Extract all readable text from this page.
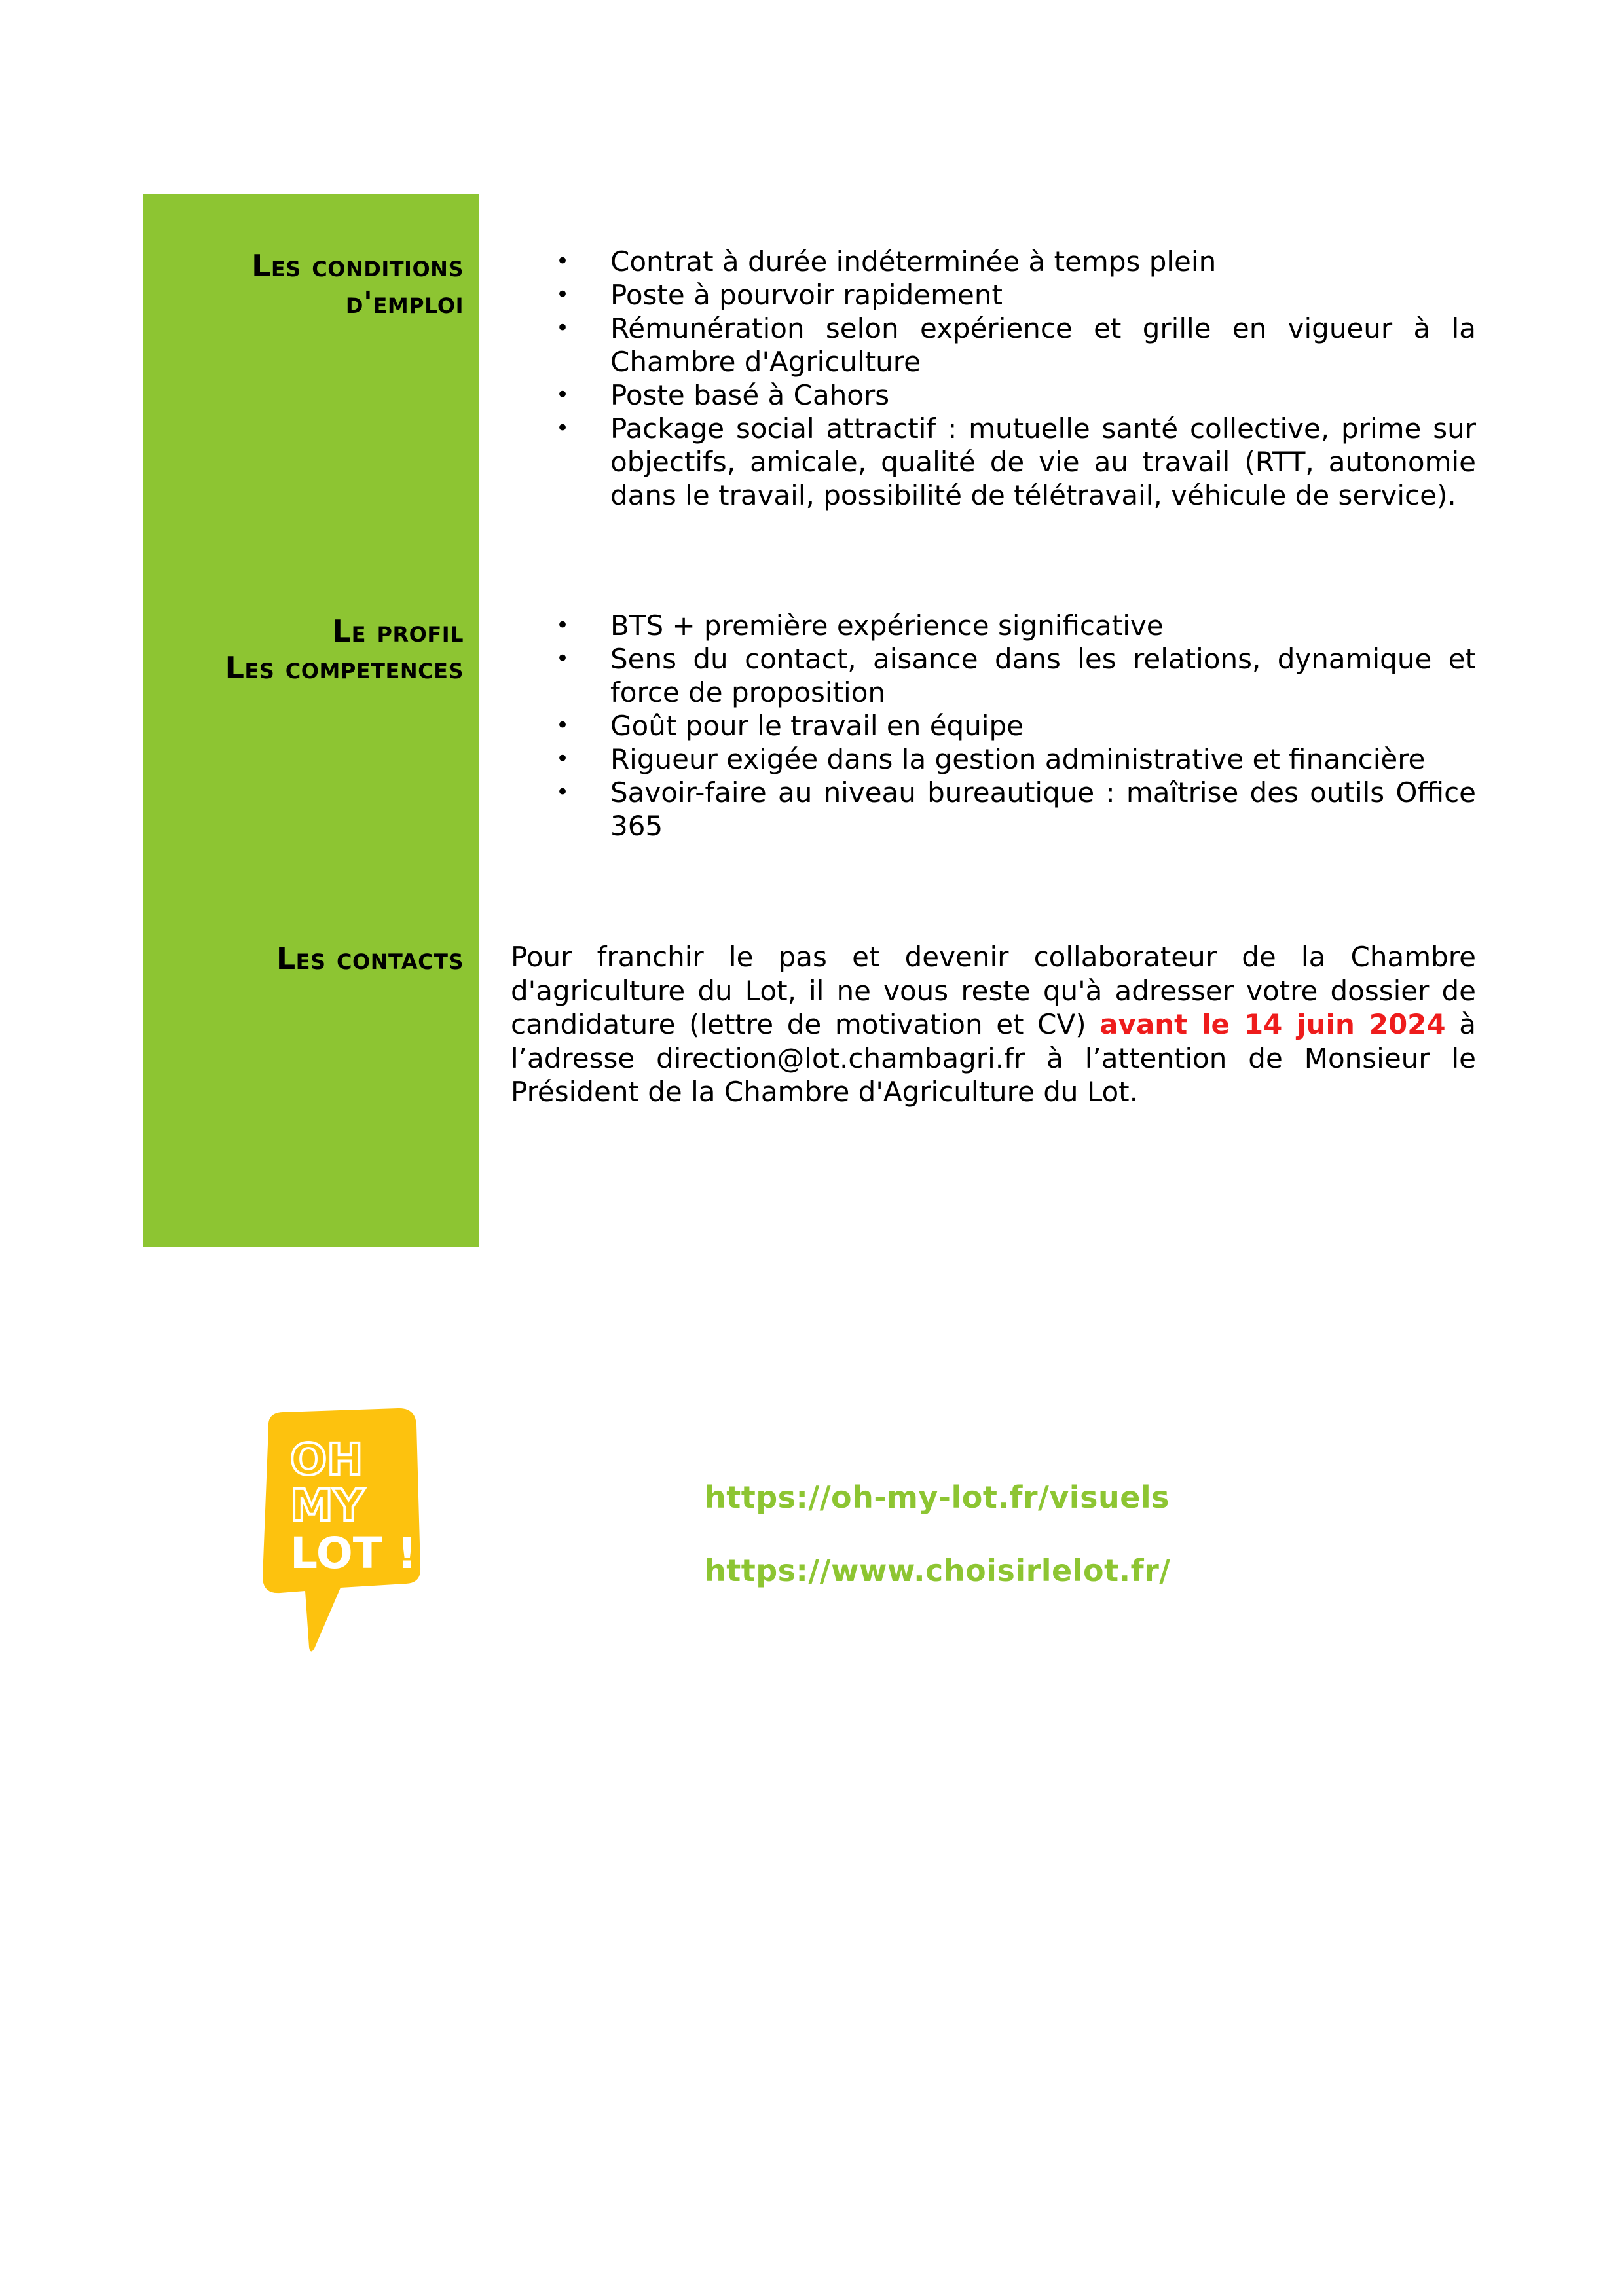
Les conditions
d'emploi
• Contrat à durée indéterminée à temps plein
• Poste à pourvoir rapidement
• Rémunération selon expérience et grille en vigueur à la Chambre d'Agriculture
• Poste basé à Cahors
• Package social attractif : mutuelle santé collective, prime sur objectifs, amicale, qualité de vie au travail (RTT, autonomie dans le travail, possibilité de télétravail, véhicule de service).
Le profil
Les competences
• BTS + première expérience significative
• Sens du contact, aisance dans les relations, dynamique et force de proposition
• Goût pour le travail en équipe
• Rigueur exigée dans la gestion administrative et financière
• Savoir-faire au niveau bureautique : maîtrise des outils Office 365
Les contacts Pour franchir le pas et devenir collaborateur de la Chambre d'agriculture du Lot, il ne vous reste qu'à adresser votre dossier de candidature (lettre de motivation et CV) avant le 14 juin 2024 à l’adresse direction@lot.chambagri.fr à l’attention de Monsieur le Président de la Chambre d'Agriculture du Lot.
OH
MY
LOT !
https://oh-my-lot.fr/visuels
https://www.choisirlelot.fr/
